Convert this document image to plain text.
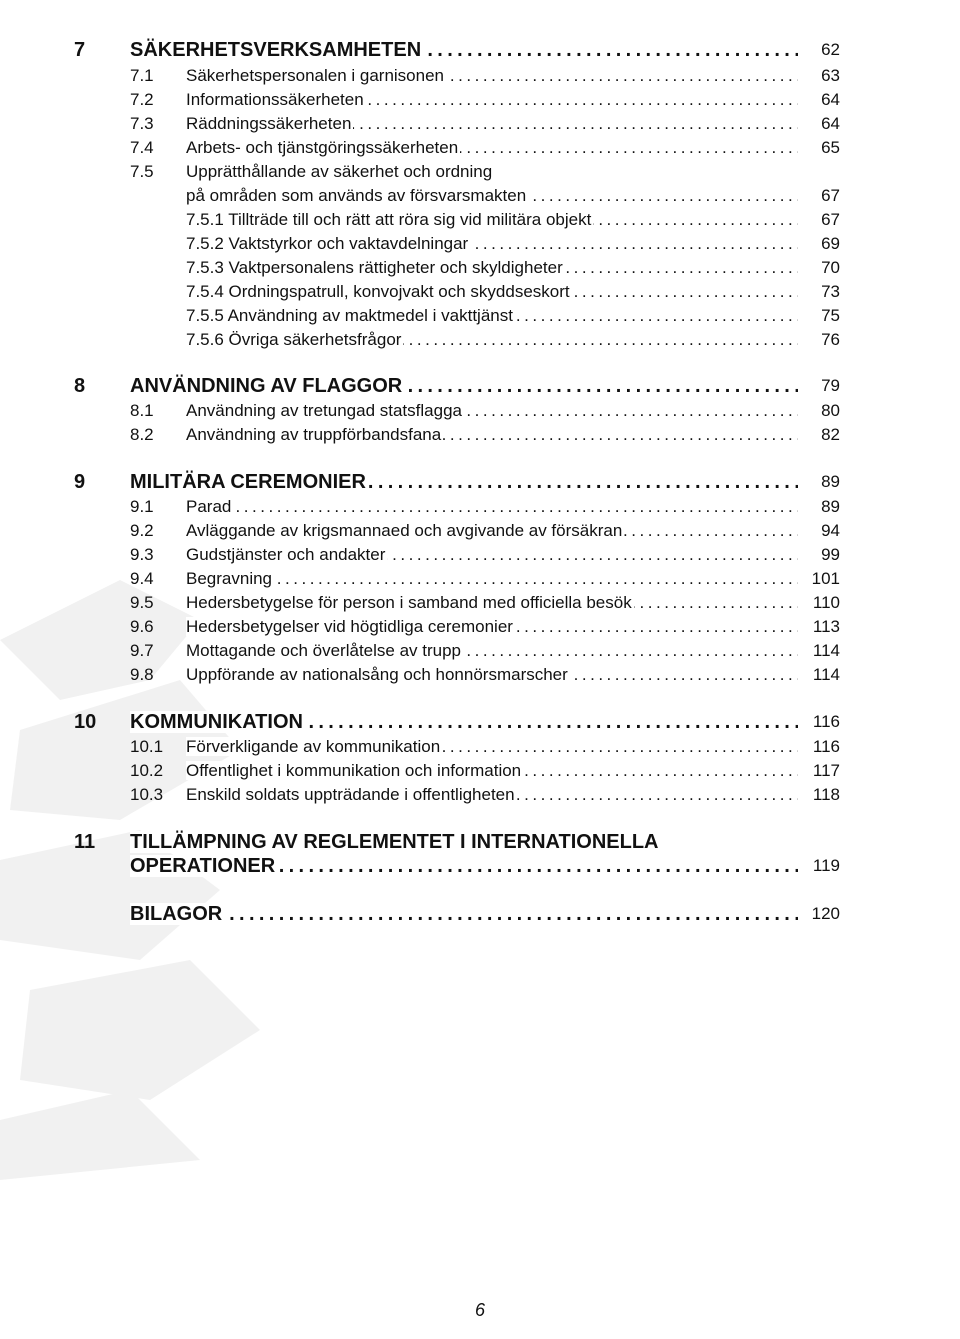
7 SÄKERHETSVERKSAMHETEN . . .	62
7.1 Säkerhetspersonalen i garnisonen . . .	63
7.2 Informationssäkerheten . . .	64
7.3 Räddningssäkerheten . . .	64
7.4 Arbets- och tjänstgöringssäkerheten . . .	65
7.5 Upprätthållande av säkerhet och ordning
på områden som används av försvarsmakten . . .	67
7.5.1 Tillträde till och rätt att röra sig vid militära objekt . . .	67
7.5.2 Vaktstyrkor och vaktavdelningar . . .	69
7.5.3 Vaktpersonalens rättigheter och skyldigheter . . .	70
7.5.4 Ordningspatrull, konvojvakt och skyddseskort . . .	73
7.5.5 Användning av maktmedel i vakttjänst . . .	75
7.5.6 Övriga säkerhetsfrågor . . .	76
8 ANVÄNDNING AV FLAGGOR . . .	79
8.1 Användning av tretungad statsflagga . . .	80
8.2 Användning av truppförbandsfana . . .	82
9 MILITÄRA CEREMONIER . . .	89
9.1 Parad . . .	89
9.2 Avläggande av krigsmannaed och avgivande av försäkran . . .	94
9.3 Gudstjänster och andakter . . .	99
9.4 Begravning . . .	101
9.5 Hedersbetygelse för person i samband med officiella besök . . .	110
9.6 Hedersbetygelser vid högtidliga ceremonier . . .	113
9.7 Mottagande och överlåtelse av trupp . . .	114
9.8 Uppförande av nationalsång och honnörsmarscher . . .	114
10 KOMMUNIKATION . . .	116
10.1 Förverkligande av kommunikation . . .	116
10.2 Offentlighet i kommunikation och information . . .	117
10.3 Enskild soldats uppträdande i offentligheten . . .	118
11 TILLÄMPNING AV REGLEMENTET I INTERNATIONELLA
OPERATIONER . . .	119
BILAGOR . . .	120
6
